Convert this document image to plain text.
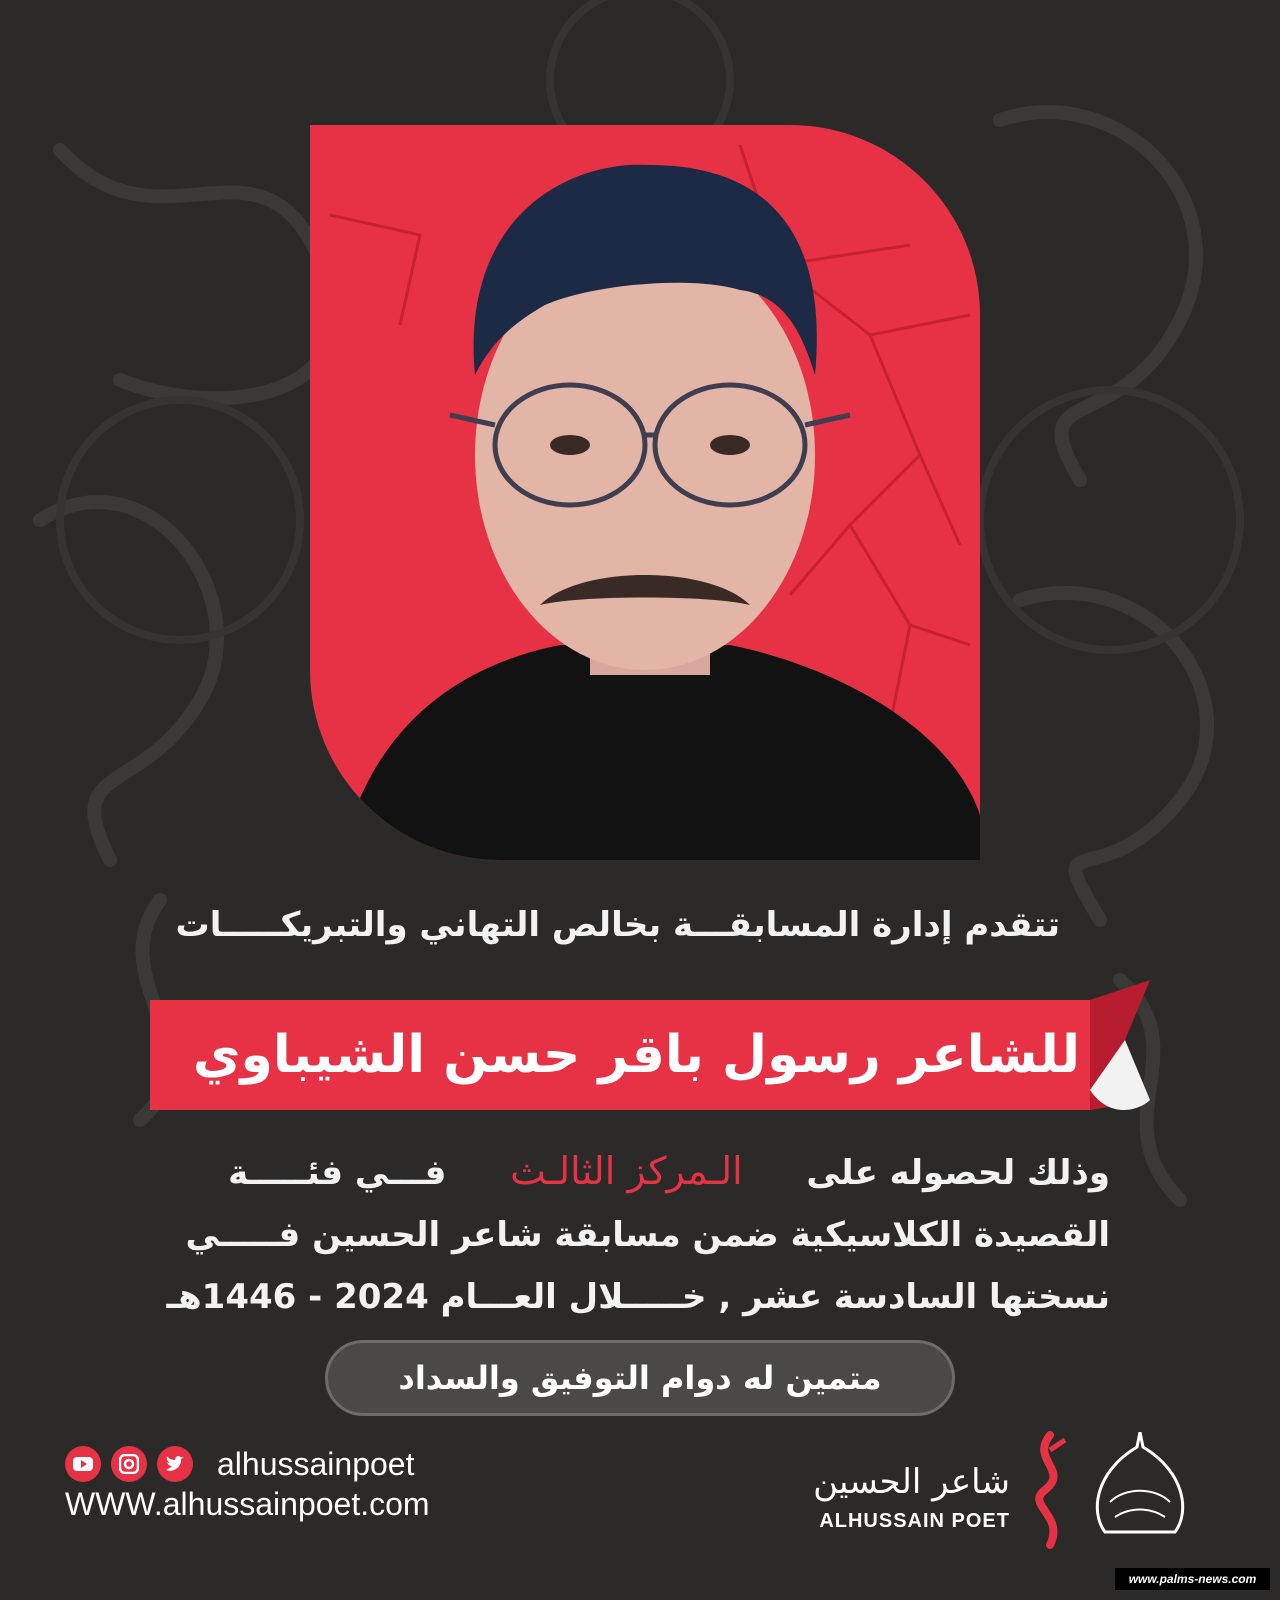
تتقدم إدارة المسابقـــة بخالص التهاني والتبريكـــــات
للشاعر رسول باقر حسن الشيباوي
وذلك لحصوله على  الـمركز الثالـث  فـــي فئـــــة
القصيدة الكلاسيكية ضمن مسابقة شاعر الحسين فـــــي
نسختها السادسة عشر , خـــــلال العـــام 2024 - 1446هـ
متمين له دوام التوفيق والسداد
alhussainpoet
WWW.alhussainpoet.com
شاعر الحسين
ALHUSSAIN POET
www.palms-news.com
